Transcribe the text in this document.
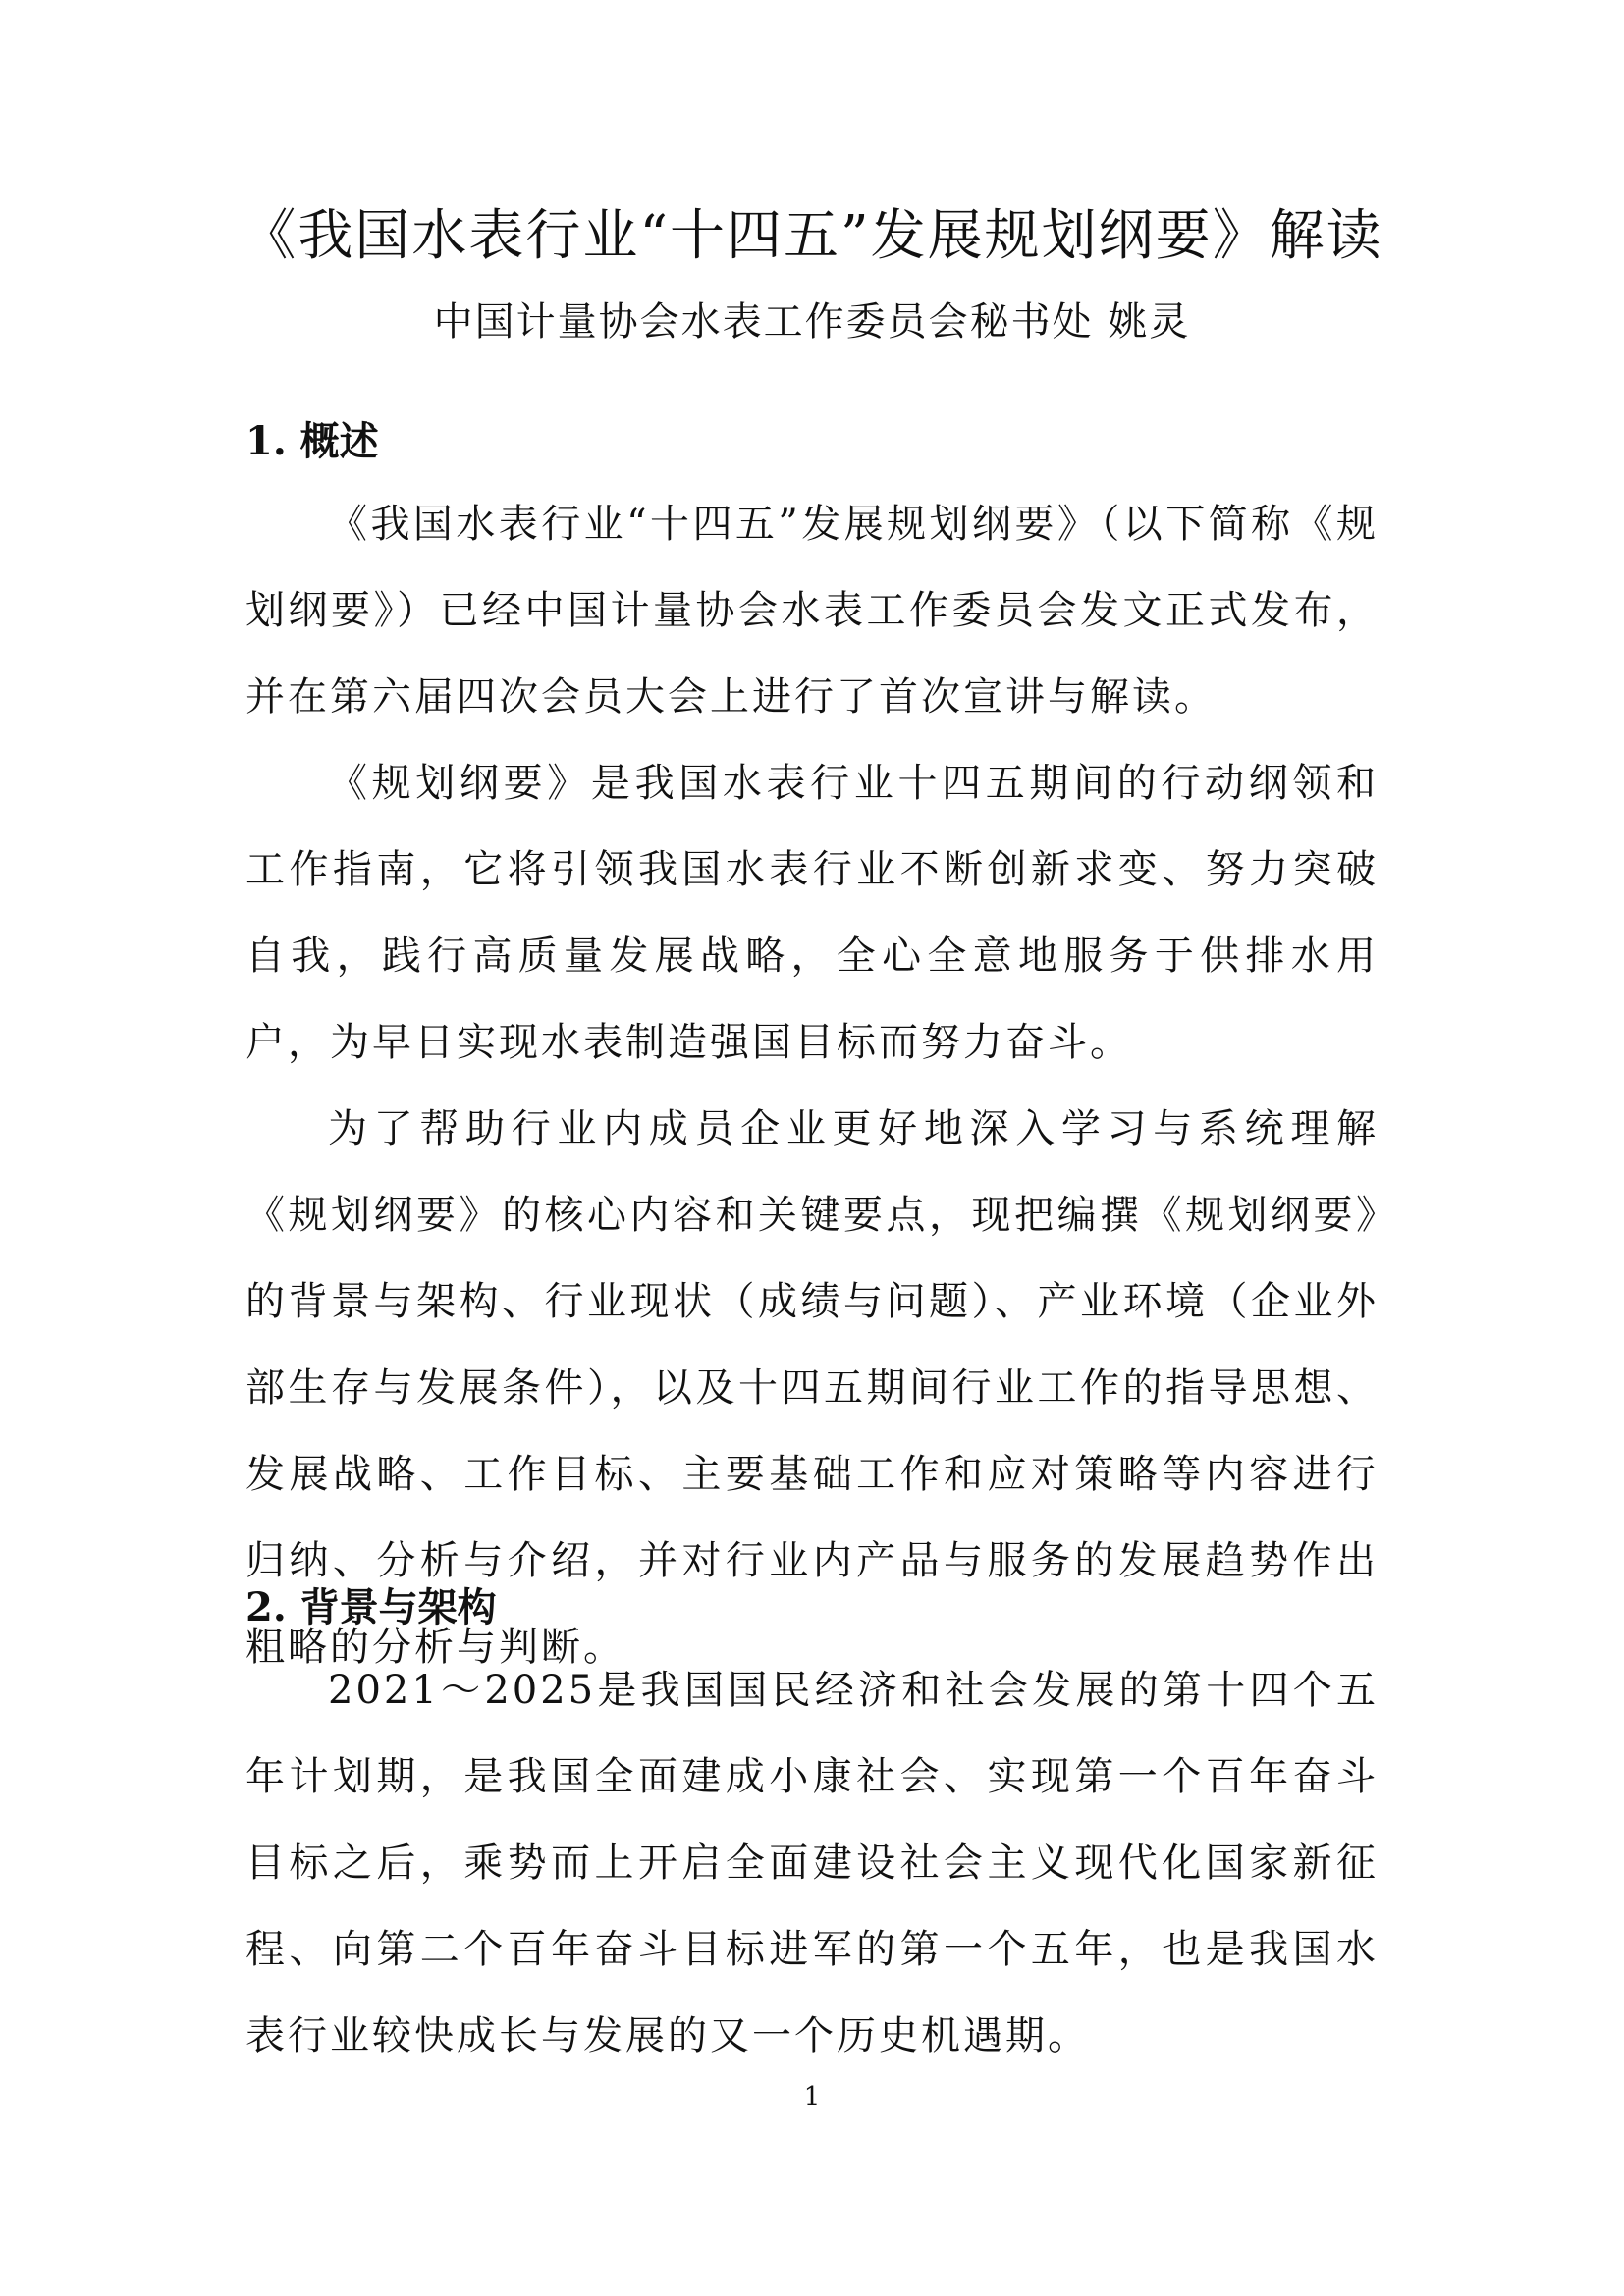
《我国水表行业“十四五”发展规划纲要》解读
中国计量协会水表工作委员会秘书处 姚灵
1. 概述

《我国水表行业“十四五”发展规划纲要》（以下简称《规划纲要》）已经中国计量协会水表工作委员会发文正式发布，并在第六届四次会员大会上进行了首次宣讲与解读。

《规划纲要》是我国水表行业十四五期间的行动纲领和工作指南，它将引领我国水表行业不断创新求变、努力突破自我，践行高质量发展战略，全心全意地服务于供排水用户，为早日实现水表制造强国目标而努力奋斗。

为了帮助行业内成员企业更好地深入学习与系统理解《规划纲要》的核心内容和关键要点，现把编撰《规划纲要》的背景与架构、行业现状（成绩与问题）、产业环境（企业外部生存与发展条件），以及十四五期间行业工作的指导思想、发展战略、工作目标、主要基础工作和应对策略等内容进行归纳、分析与介绍，并对行业内产品与服务的发展趋势作出粗略的分析与判断。

2. 背景与架构

2021～2025是我国国民经济和社会发展的第十四个五年计划期，是我国全面建成小康社会、实现第一个百年奋斗目标之后，乘势而上开启全面建设社会主义现代化国家新征程、向第二个百年奋斗目标进军的第一个五年，也是我国水表行业较快成长与发展的又一个历史机遇期。

1
